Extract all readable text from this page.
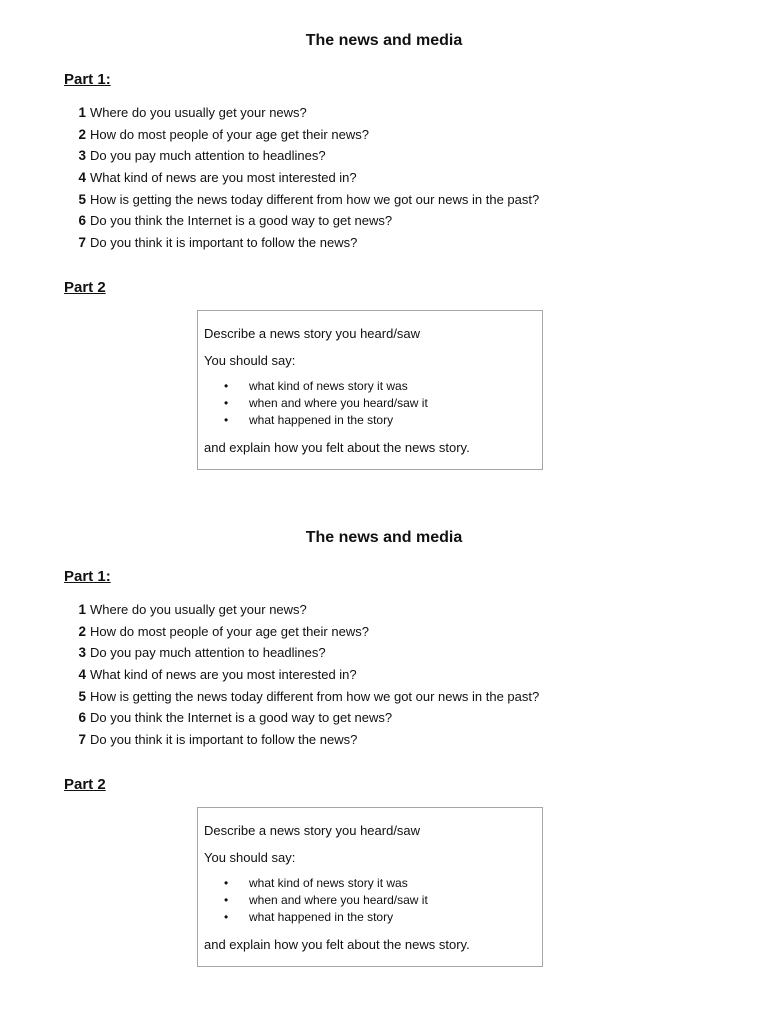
The news and media
Part 1:
1 Where do you usually get your news?
2 How do most people of your age get their news?
3 Do you pay much attention to headlines?
4 What kind of news are you most interested in?
5 How is getting the news today different from how we got our news in the past?
6 Do you think the Internet is a good way to get news?
7 Do you think it is important to follow the news?
Part 2
Describe a news story you heard/saw
You should say:
• what kind of news story it was
• when and where you heard/saw it
• what happened in the story
and explain how you felt about the news story.
The news and media
Part 1:
1 Where do you usually get your news?
2 How do most people of your age get their news?
3 Do you pay much attention to headlines?
4 What kind of news are you most interested in?
5 How is getting the news today different from how we got our news in the past?
6 Do you think the Internet is a good way to get news?
7 Do you think it is important to follow the news?
Part 2
Describe a news story you heard/saw
You should say:
• what kind of news story it was
• when and where you heard/saw it
• what happened in the story
and explain how you felt about the news story.
